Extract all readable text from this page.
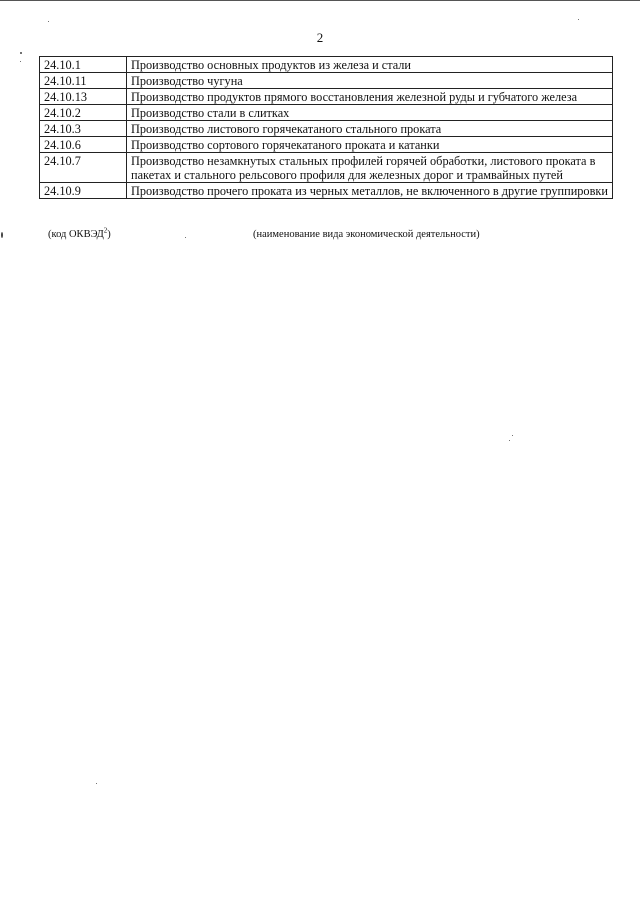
2
24.10.1	Производство основных продуктов из железа и стали
24.10.11	Производство чугуна
24.10.13	Производство продуктов прямого восстановления железной руды и губчатого железа
24.10.2	Производство стали в слитках
24.10.3	Производство листового горячекатаного стального проката
24.10.6	Производство сортового горячекатаного проката и катанки
24.10.7	Производство незамкнутых стальных профилей горячей обработки, листового проката в пакетах и стального рельсового профиля для железных дорог и трамвайных путей
24.10.9	Производство прочего проката из черных металлов, не включенного в другие группировки
(код ОКВЭД$^2$)	(наименование вида экономической деятельности)
